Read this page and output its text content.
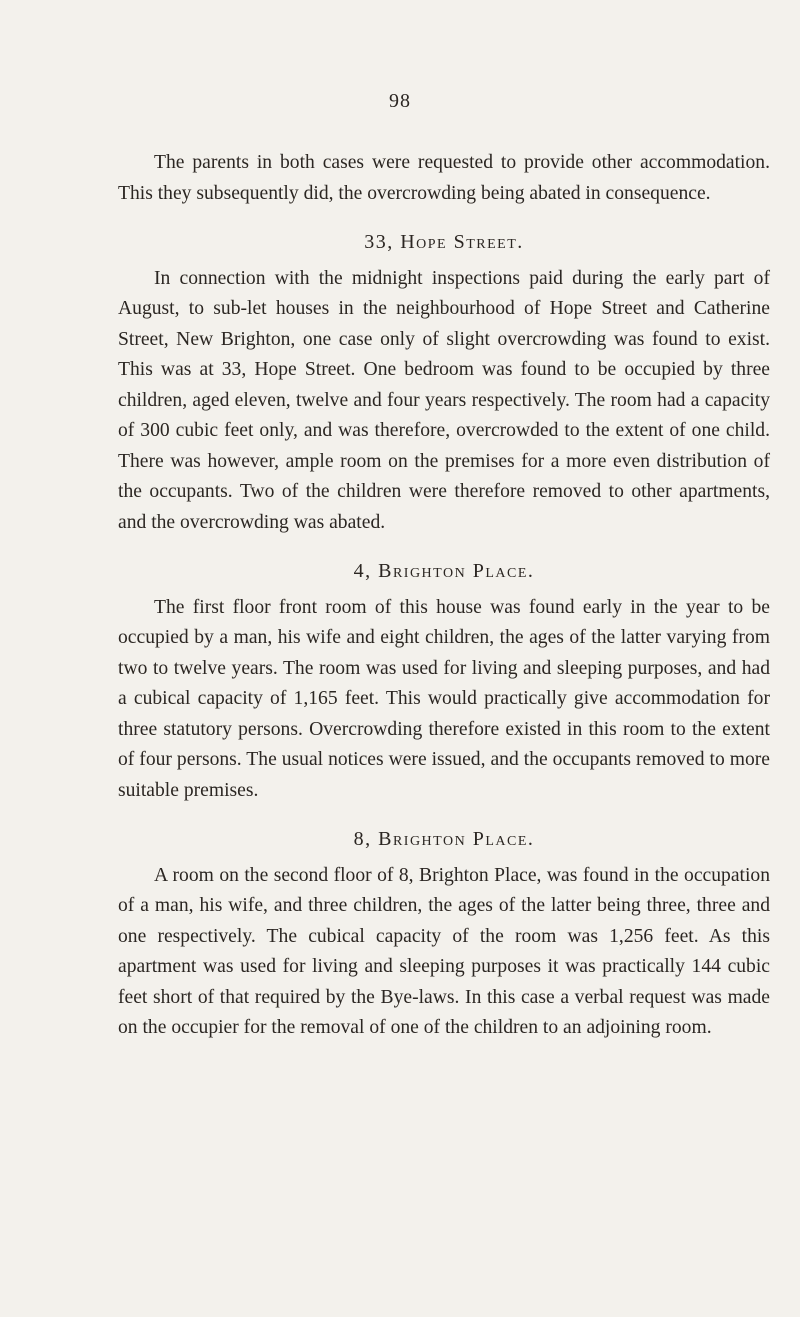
98

The parents in both cases were requested to provide other accommodation. This they subsequently did, the overcrowding being abated in consequence.

33, Hope Street.

In connection with the midnight inspections paid during the early part of August, to sub-let houses in the neighbourhood of Hope Street and Catherine Street, New Brighton, one case only of slight overcrowding was found to exist. This was at 33, Hope Street. One bedroom was found to be occupied by three children, aged eleven, twelve and four years respectively. The room had a capacity of 300 cubic feet only, and was therefore, overcrowded to the extent of one child. There was however, ample room on the premises for a more even distribution of the occupants. Two of the children were therefore removed to other apartments, and the overcrowding was abated.

4, Brighton Place.

The first floor front room of this house was found early in the year to be occupied by a man, his wife and eight children, the ages of the latter varying from two to twelve years. The room was used for living and sleeping purposes, and had a cubical capacity of 1,165 feet. This would practically give accommodation for three statutory persons. Overcrowding therefore existed in this room to the extent of four persons. The usual notices were issued, and the occupants removed to more suitable premises.

8, Brighton Place.

A room on the second floor of 8, Brighton Place, was found in the occupation of a man, his wife, and three children, the ages of the latter being three, three and one respectively. The cubical capacity of the room was 1,256 feet. As this apartment was used for living and sleeping purposes it was practically 144 cubic feet short of that required by the Bye-laws. In this case a verbal request was made on the occupier for the removal of one of the children to an adjoining room.
